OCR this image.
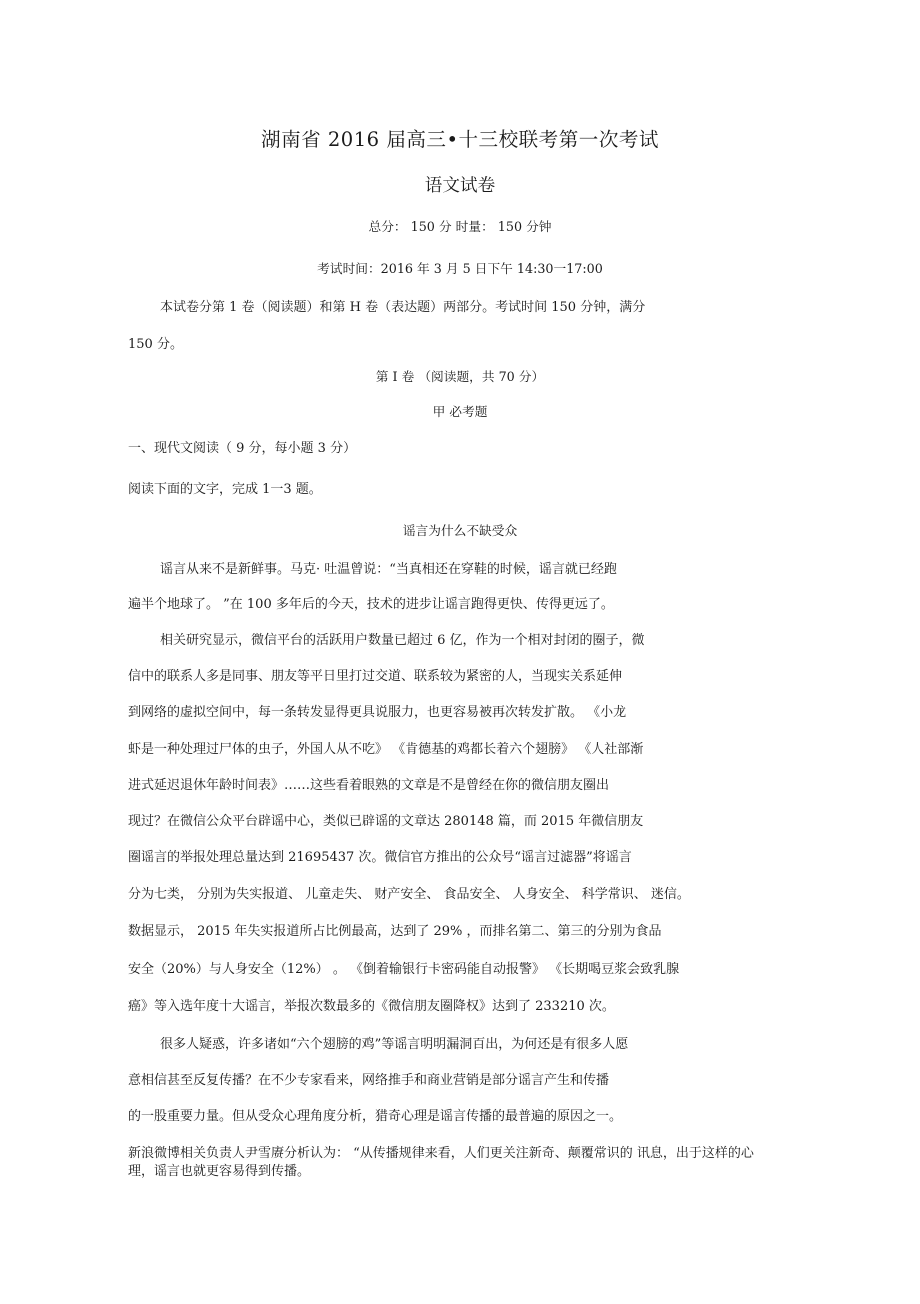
湖南省 2016 届高三•十三校联考第一次考试
语文试卷
总分： 150 分 时量： 150 分钟
考试时间：2016 年 3 月 5 日下午 14:30一17:00
本试卷分第 1 卷（阅读题）和第 H 卷（表达题）两部分。考试时间 150 分钟，满分
150 分。
第 Ⅰ 卷 （阅读题，共 70 分）
甲 必考题
一、现代文阅读（ 9 分，每小题 3 分）
阅读下面的文字，完成 1一3 题。
谣言为什么不缺受众
谣言从来不是新鲜事。马克· 吐温曾说：“当真相还在穿鞋的时候，谣言就已经跑
遍半个地球了。 ”在 100 多年后的今天，技术的进步让谣言跑得更快、传得更远了。
相关研究显示，微信平台的活跃用户数量已超过 6 亿，作为一个相对封闭的圈子，微
信中的联系人多是同事、朋友等平日里打过交道、联系较为紧密的人，当现实关系延伸
到网络的虚拟空间中，每一条转发显得更具说服力，也更容易被再次转发扩散。 《小龙
虾是一种处理过尸体的虫子，外国人从不吃》 《肯德基的鸡都长着六个翅膀》 《人社部渐
进式延迟退休年龄时间表》……这些看着眼熟的文章是不是曾经在你的微信朋友圈出
现过？在微信公众平台辟谣中心，类似已辟谣的文章达 280148 篇，而 2015 年微信朋友
圈谣言的举报处理总量达到 21695437 次。微信官方推出的公众号“谣言过滤器”将谣言
分为七类， 分别为失实报道、 儿童走失、 财产安全、 食品安全、 人身安全、 科学常识、 迷信。
数据显示， 2015 年失实报道所占比例最高，达到了 29% ，而排名第二、第三的分别为食品
安全（20%）与人身安全（12%） 。 《倒着输银行卡密码能自动报警》 《长期喝豆浆会致乳腺
癌》等入选年度十大谣言，举报次数最多的《微信朋友圈降权》达到了 233210 次。
很多人疑惑，许多诸如“六个翅膀的鸡”等谣言明明漏洞百出，为何还是有很多人愿
意相信甚至反复传播？在不少专家看来，网络推手和商业营销是部分谣言产生和传播
的一股重要力量。但从受众心理角度分析，猎奇心理是谣言传播的最普遍的原因之一。
新浪微博相关负责人尹雪赓分析认为： “从传播规律来看，人们更关注新奇、颠覆常识的 讯息，出于这样的心理，谣言也就更容易得到传播。
